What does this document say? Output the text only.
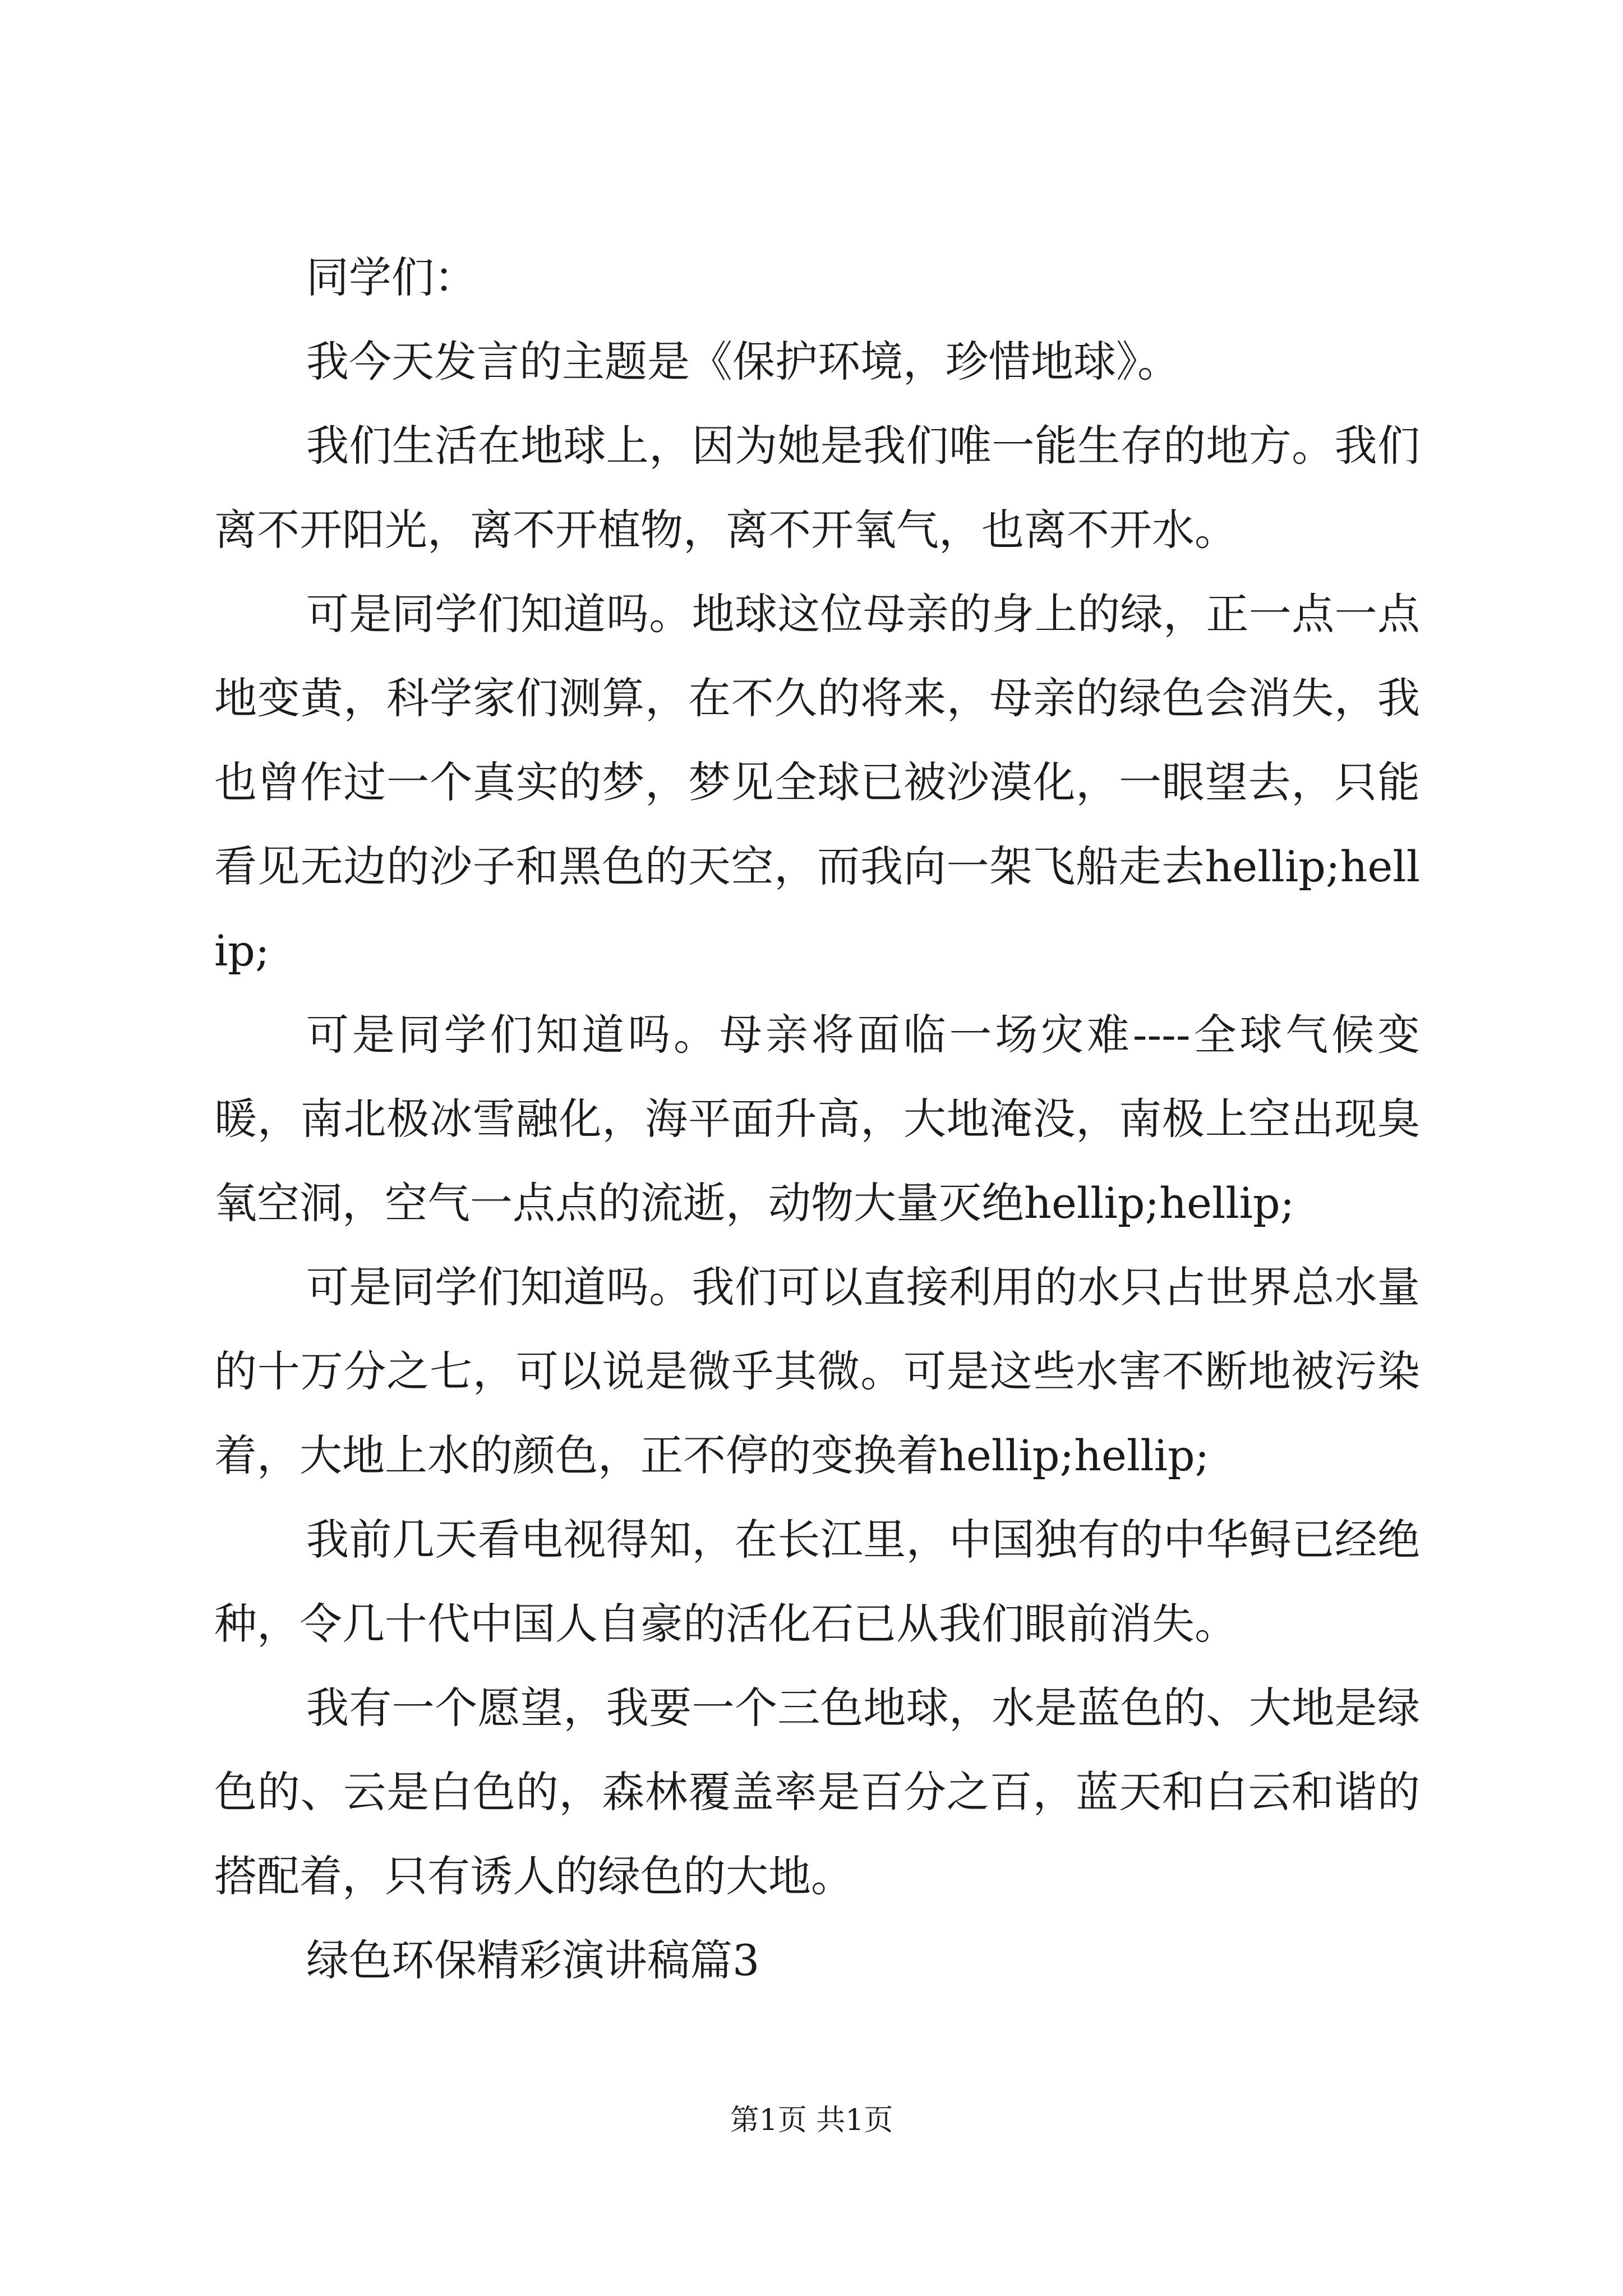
同学们：

我今天发言的主题是《保护环境，珍惜地球》。

我们生活在地球上，因为她是我们唯一能生存的地方。我们离不开阳光，离不开植物，离不开氧气，也离不开水。

可是同学们知道吗。地球这位母亲的身上的绿，正一点一点地变黄，科学家们测算，在不久的将来，母亲的绿色会消失，我也曾作过一个真实的梦，梦见全球已被沙漠化，一眼望去，只能看见无边的沙子和黑色的天空，而我向一架飞船走去hellip;hellip;

可是同学们知道吗。母亲将面临一场灾难----全球气候变暖，南北极冰雪融化，海平面升高，大地淹没，南极上空出现臭氧空洞，空气一点点的流逝，动物大量灭绝hellip;hellip;

可是同学们知道吗。我们可以直接利用的水只占世界总水量的十万分之七，可以说是微乎其微。可是这些水害不断地被污染着，大地上水的颜色，正不停的变换着hellip;hellip;

我前几天看电视得知，在长江里，中国独有的中华鲟已经绝种，令几十代中国人自豪的活化石已从我们眼前消失。

我有一个愿望，我要一个三色地球，水是蓝色的、大地是绿色的、云是白色的，森林覆盖率是百分之百，蓝天和白云和谐的搭配着，只有诱人的绿色的大地。

绿色环保精彩演讲稿篇3

第1页 共1页
